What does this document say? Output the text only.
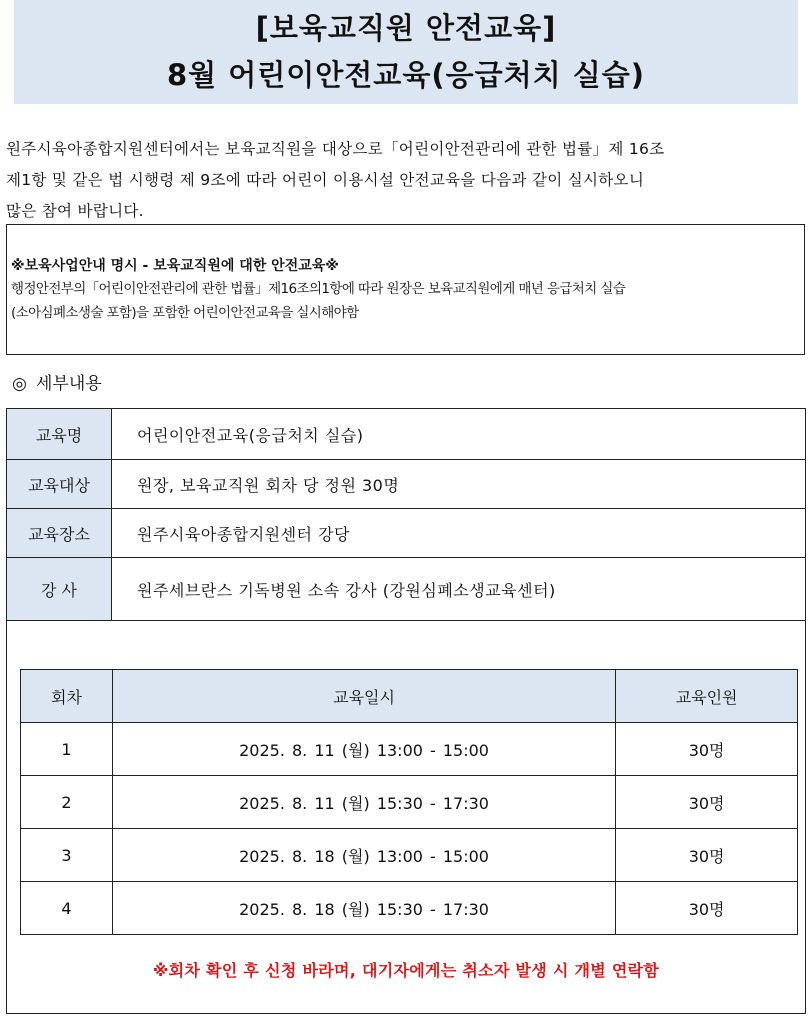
[보육교직원 안전교육]
8월 어린이안전교육(응급처치 실습)

원주시육아종합지원센터에서는 보육교직원을 대상으로「어린이안전관리에 관한 법률」제 16조

제1항 및 같은 법 시행령 제 9조에 따라 어린이 이용시설 안전교육을 다음과 같이 실시하오니

많은 참여 바랍니다.

※보육사업안내 명시 - 보육교직원에 대한 안전교육※
행정안전부의「어린이안전관리에 관한 법률」제16조의1항에 따라 원장은 보육교직원에게 매년 응급처치 실습
(소아심폐소생술 포함)을 포함한 어린이안전교육을 실시해야함
◎ 세부내용
교육명	어린이안전교육(응급처치 실습)
교육대상	원장, 보육교직원 회차 당 정원 30명
교육장소	원주시육아종합지원센터 강당
강 사	원주세브란스 기독병원 소속 강사 (강원심폐소생교육센터)
회차	교육일시	교육인원
1	2025. 8. 11 (월) 13:00 - 15:00	30명
2	2025. 8. 11 (월) 15:30 - 17:30	30명
3	2025. 8. 18 (월) 13:00 - 15:00	30명
4	2025. 8. 18 (월) 15:30 - 17:30	30명
※회차 확인 후 신청 바라며, 대기자에게는 취소자 발생 시 개별 연락함
